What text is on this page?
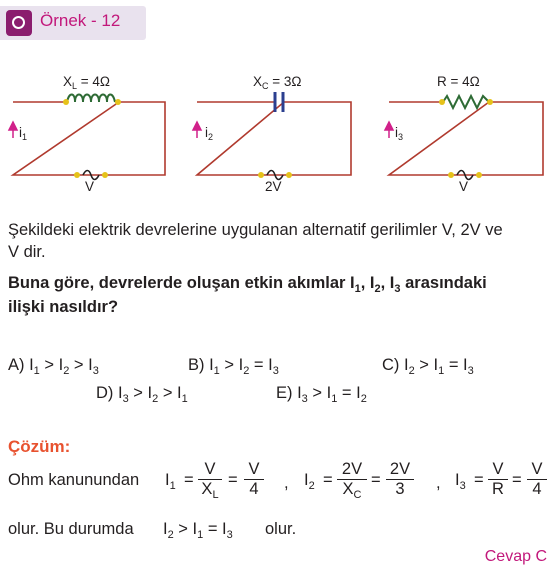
Örnek - 12
$X_L = 4\Omega$
$i_1$
V
$X_C = 3\Omega$
$i_2$
2V
R = 4Ω
$i_3$
V
Şekildeki elektrik devrelerine uygulanan alternatif gerilimler V, 2V ve
V dir.
Buna göre, devrelerde oluşan etkin akımlar $I_1$, $I_2$, $I_3$ arasındaki
ilişki nasıldır?
A) $I_1 > I_2 > I_3$	B) $I_1 > I_2 = I_3$	C) $I_2 > I_1 = I_3$
D) $I_3 > I_2 > I_1$	E) $I_3 > I_1 = I_2$
Çözüm:
Ohm kanunundan $I_1 = \frac{V}{X_L} = \frac{V}{4}$ , $I_2 = \frac{2V}{X_C} = \frac{2V}{3}$ , $I_3 = \frac{V}{R} = \frac{V}{4}$
olur. Bu durumda $I_2 > I_1 = I_3$ olur.
Cevap C
